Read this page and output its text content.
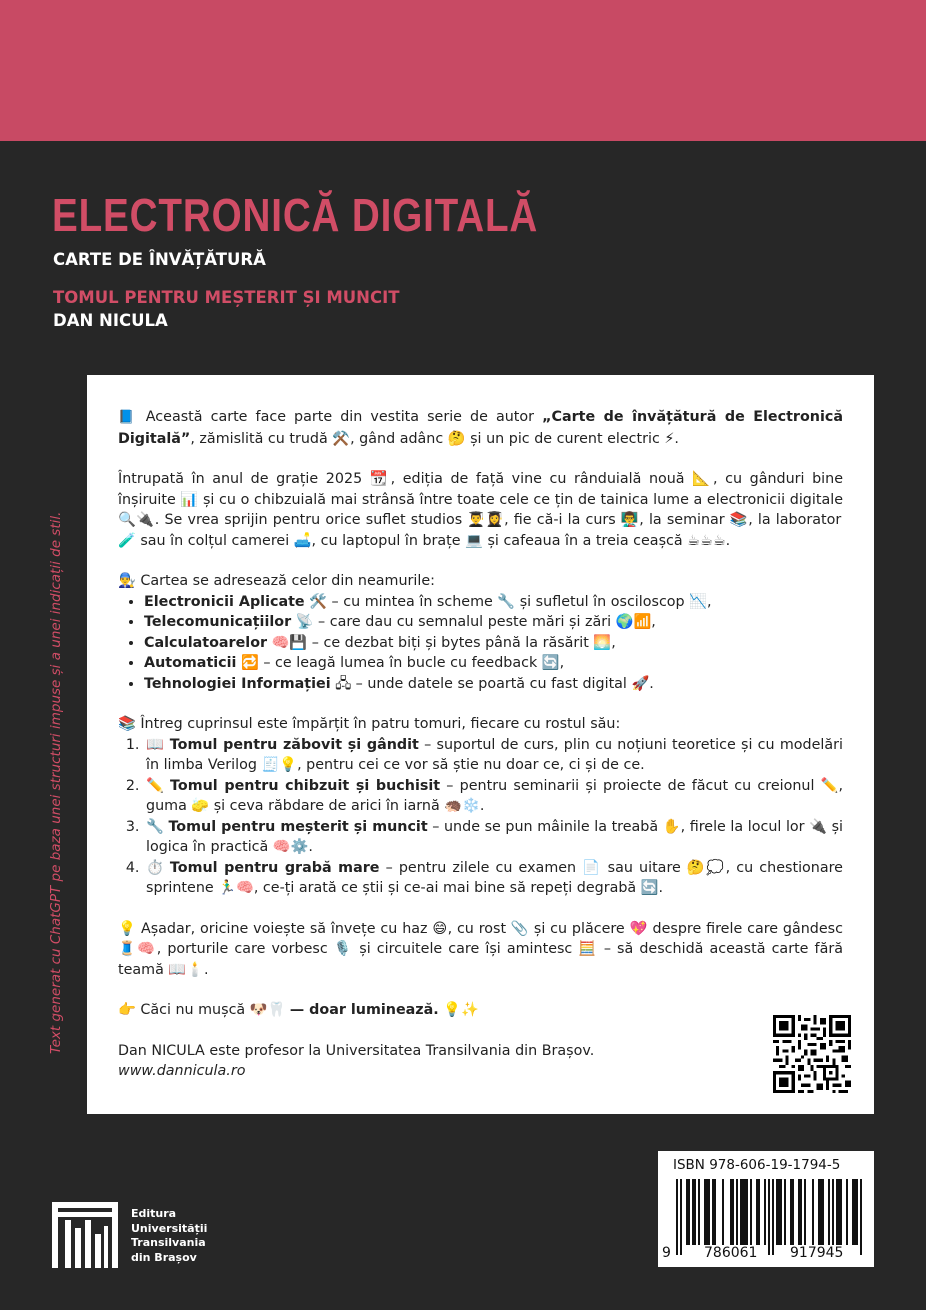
ELECTRONICĂ DIGITALĂ
CARTE DE ÎNVĂȚĂTURĂ
TOMUL PENTRU MEȘTERIT ȘI MUNCIT
DAN NICULA
Text generat cu ChatGPT pe baza unei structuri impuse și a unei indicații de stil.

📘 Această carte face parte din vestita serie de autor „Carte de învățătură de Electronică Digitală”, zămislită cu trudă ⚒️, gând adânc 🤔 și un pic de curent electric ⚡.

Întrupată în anul de grație 2025 📆, ediția de față vine cu rânduială nouă 📐, cu gânduri bine înșiruite 📊 și cu o chibzuială mai strânsă între toate cele ce țin de tainica lume a electronicii digitale 🔍🔌. Se vrea sprijin pentru orice suflet studios 👨‍🎓👩‍🎓, fie că-i la curs 👨‍🏫, la seminar 📚, la laborator 🧪 sau în colțul camerei 🛋️, cu laptopul în brațe 💻 și cafeaua în a treia ceașcă ☕☕☕.

👨‍🔧 Cartea se adresează celor din neamurile:

• Electronicii Aplicate 🛠️ – cu mintea în scheme 🔧 și sufletul în osciloscop 📉,
• Telecomunicațiilor 📡 – care dau cu semnalul peste mări și zări 🌍📶,
• Calculatoarelor 🧠💾 – ce dezbat biți și bytes până la răsărit 🌅,
• Automaticii 🔁 – ce leagă lumea în bucle cu feedback 🔄,
• Tehnologiei Informației 🖧 – unde datele se poartă cu fast digital 🚀.

📚 Întreg cuprinsul este împărțit în patru tomuri, fiecare cu rostul său:

1. 📖 Tomul pentru zăbovit și gândit – suportul de curs, plin cu noțiuni teoretice și cu modelări în limba Verilog 🧾💡, pentru cei ce vor să știe nu doar ce, ci și de ce.
2. ✏️ Tomul pentru chibzuit și buchisit – pentru seminarii și proiecte de făcut cu creionul ✏️, guma 🧽 și ceva răbdare de arici în iarnă 🦔❄️.
3. 🔧 Tomul pentru meșterit și muncit – unde se pun mâinile la treabă ✋, firele la locul lor 🔌 și logica în practică 🧠⚙️.
4. ⏱️ Tomul pentru grabă mare – pentru zilele cu examen 📄 sau uitare 🤔💭, cu chestionare sprintene 🏃‍♂️🧠, ce-ți arată ce știi și ce-ai mai bine să repeți degrabă 🔄.

💡 Așadar, oricine voiește să învețe cu haz 😄, cu rost 📎 și cu plăcere 💖 despre firele care gândesc 🧵🧠, porturile care vorbesc 🎙️ și circuitele care își amintesc 🧮 – să deschidă această carte fără teamă 📖🕯️.

👉 Căci nu mușcă 🐶🦷 — doar luminează. 💡✨

Dan NICULA este profesor la Universitatea Transilvania din Brașov.

www.dannicula.ro

ISBN 978-606-19-1794-5
9 786061 917945
Editura
Universității
Transilvania
din Brașov
